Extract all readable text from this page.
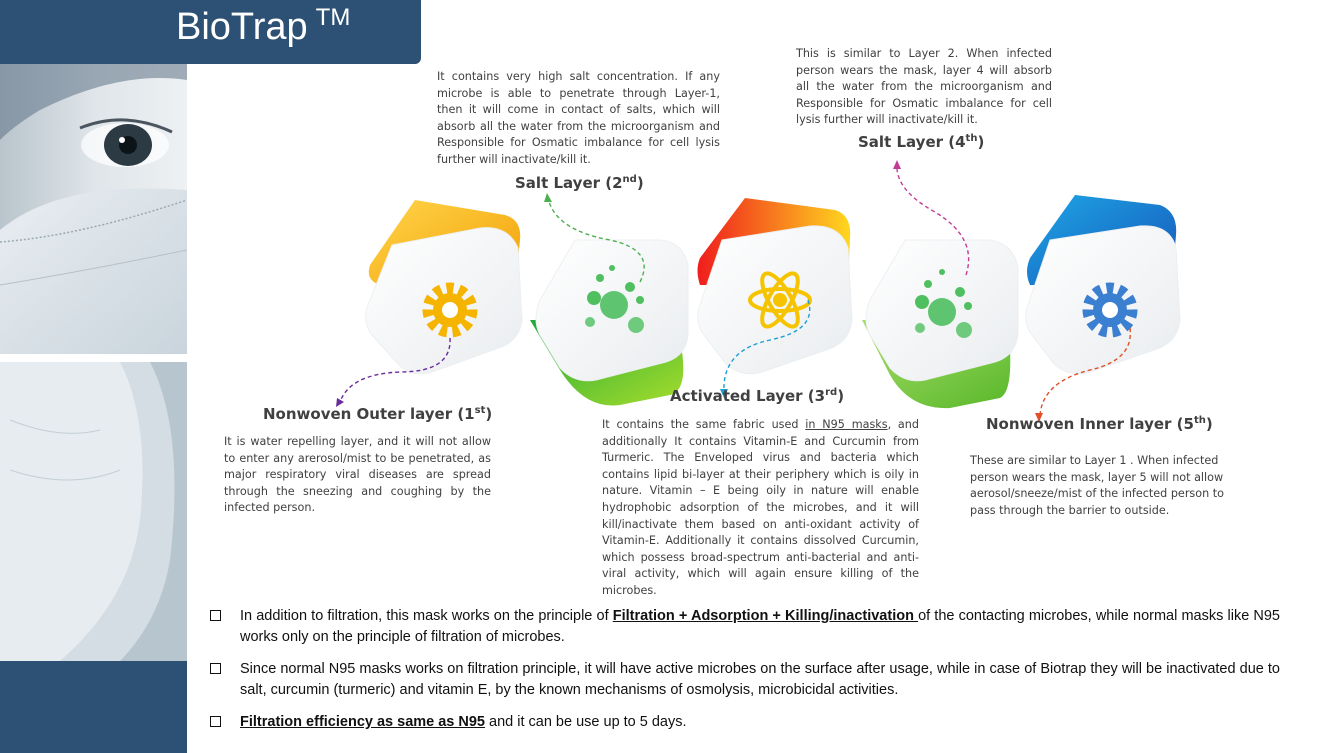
BioTrap ™
Nonwoven Outer layer (1st)
It is water repelling layer, and it will not allow to enter any arerosol/mist to be penetrated, as major respiratory viral diseases are spread through the sneezing and coughing by the infected person.
It contains very high salt concentration. If any microbe is able to penetrate through Layer-1, then it will come in contact of salts, which will absorb all the water from the microorganism and Responsible for Osmatic imbalance for cell lysis further will inactivate/kill it.
Salt Layer (2nd)
Activated Layer (3rd)
It contains the same fabric used in N95 masks, and additionally It contains Vitamin-E and Curcumin from Turmeric. The Enveloped virus and bacteria which contains lipid bi-layer at their periphery which is oily in nature. Vitamin – E being oily in nature will enable hydrophobic adsorption of the microbes, and it will kill/inactivate them based on anti-oxidant activity of Vitamin-E. Additionally it contains dissolved Curcumin, which possess broad-spectrum anti-bacterial and anti-viral activity, which will again ensure killing of the microbes.
This is similar to Layer 2. When infected person wears the mask, layer 4 will absorb all the water from the microorganism and Responsible for Osmatic imbalance for cell lysis further will inactivate/kill it.
Salt Layer (4th)
Nonwoven Inner layer (5th)
These are similar to Layer 1 . When infected person wears the mask, layer 5 will not allow aerosol/sneeze/mist of the infected person to pass through the barrier to outside.
In addition to filtration, this mask works on the principle of Filtration + Adsorption + Killing/inactivation of the contacting microbes, while normal masks like N95 works only on the principle of filtration of microbes.
Since normal N95 masks works on filtration principle, it will have active microbes on the surface after usage, while in case of Biotrap they will be inactivated due to salt, curcumin (turmeric) and vitamin E, by the known mechanisms of osmolysis, microbicidal activities.
Filtration efficiency as same as N95 and it can be use up to 5 days.
